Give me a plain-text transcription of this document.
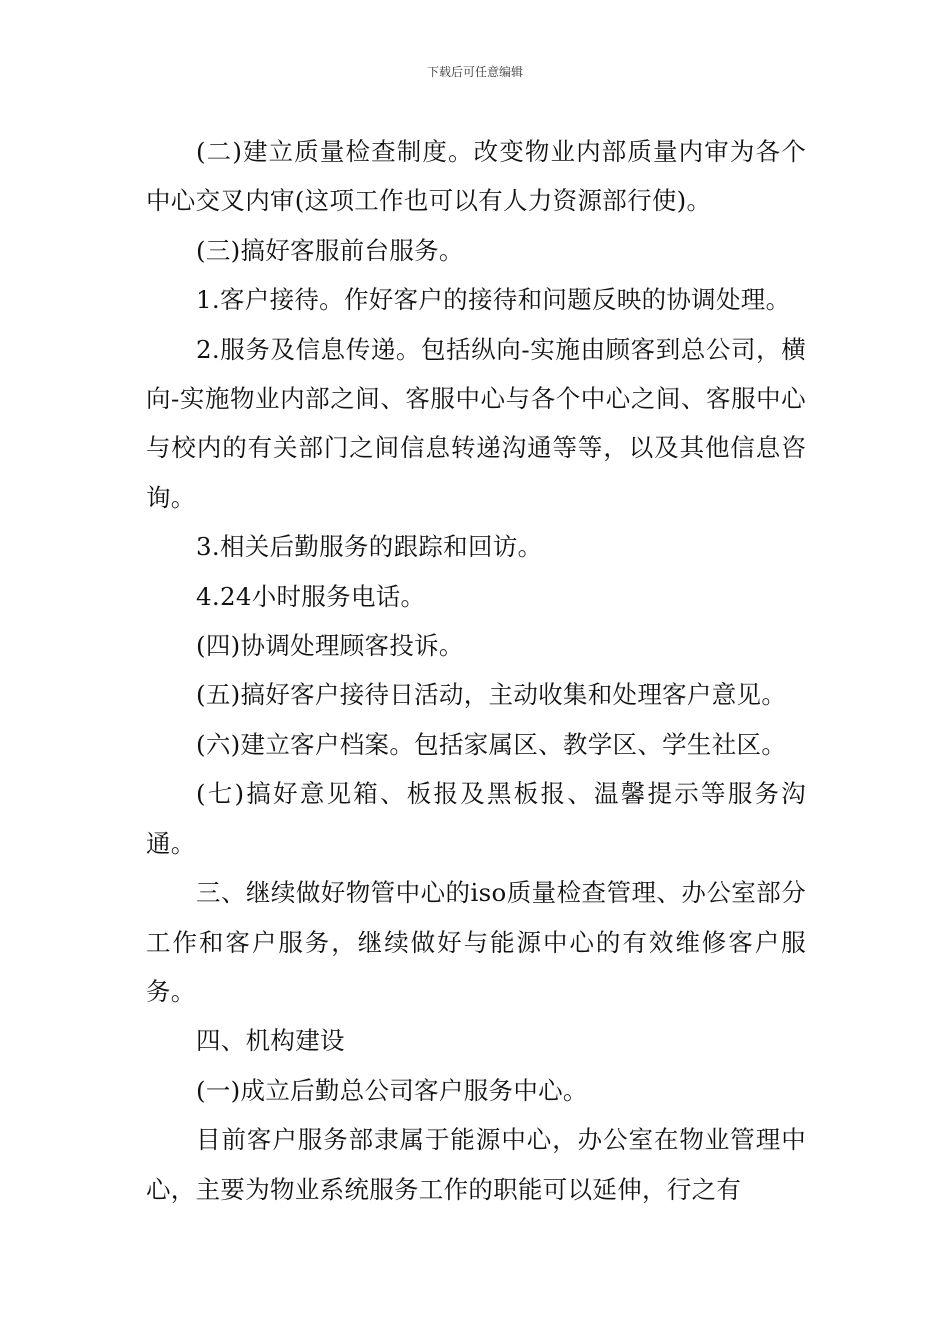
下载后可任意编辑

(二)建立质量检查制度。改变物业内部质量内审为各个中心交叉内审(这项工作也可以有人力资源部行使)。

(三)搞好客服前台服务。

1.客户接待。作好客户的接待和问题反映的协调处理。

2.服务及信息传递。包括纵向-实施由顾客到总公司，横向-实施物业内部之间、客服中心与各个中心之间、客服中心与校内的有关部门之间信息转递沟通等等，以及其他信息咨询。

3.相关后勤服务的跟踪和回访。

4.24小时服务电话。

(四)协调处理顾客投诉。

(五)搞好客户接待日活动，主动收集和处理客户意见。

(六)建立客户档案。包括家属区、教学区、学生社区。

(七)搞好意见箱、板报及黑板报、温馨提示等服务沟通。

三、继续做好物管中心的iso质量检查管理、办公室部分工作和客户服务，继续做好与能源中心的有效维修客户服务。

四、机构建设

(一)成立后勤总公司客户服务中心。

目前客户服务部隶属于能源中心，办公室在物业管理中心，主要为物业系统服务工作的职能可以延伸，行之有
